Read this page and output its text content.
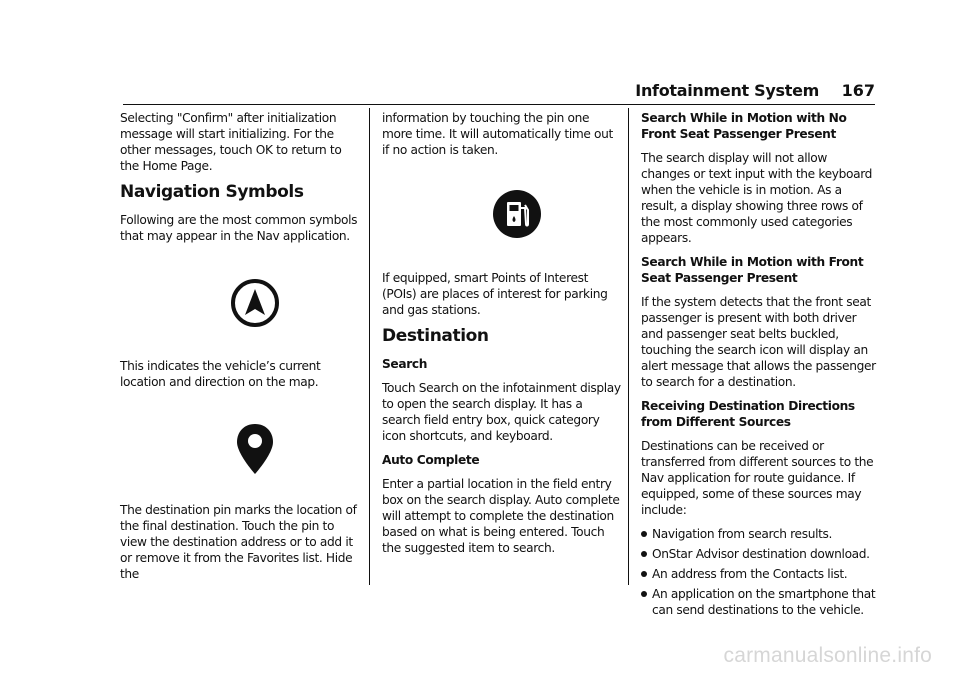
Infotainment System 167

Selecting "Confirm" after initialization message will start initializing. For the other messages, touch OK to return to the Home Page.

Navigation Symbols

Following are the most common symbols that may appear in the Nav application.

This indicates the vehicle’s current location and direction on the map.

The destination pin marks the location of the final destination. Touch the pin to view the destination address or to add it or remove it from the Favorites list. Hide the

information by touching the pin one more time. It will automatically time out if no action is taken.

If equipped, smart Points of Interest (POIs) are places of interest for parking and gas stations.

Destination

Search

Touch Search on the infotainment display to open the search display. It has a search field entry box, quick category icon shortcuts, and keyboard.

Auto Complete

Enter a partial location in the field entry box on the search display. Auto complete will attempt to complete the destination based on what is being entered. Touch the suggested item to search.

Search While in Motion with No Front Seat Passenger Present

The search display will not allow changes or text input with the keyboard when the vehicle is in motion. As a result, a display showing three rows of the most commonly used categories appears.

Search While in Motion with Front Seat Passenger Present

If the system detects that the front seat passenger is present with both driver and passenger seat belts buckled, touching the search icon will display an alert message that allows the passenger to search for a destination.

Receiving Destination Directions from Different Sources

Destinations can be received or transferred from different sources to the Nav application for route guidance. If equipped, some of these sources may include:

Navigation from search results.
OnStar Advisor destination download.
An address from the Contacts list.
An application on the smartphone that can send destinations to the vehicle.
carmanualsonline.info
